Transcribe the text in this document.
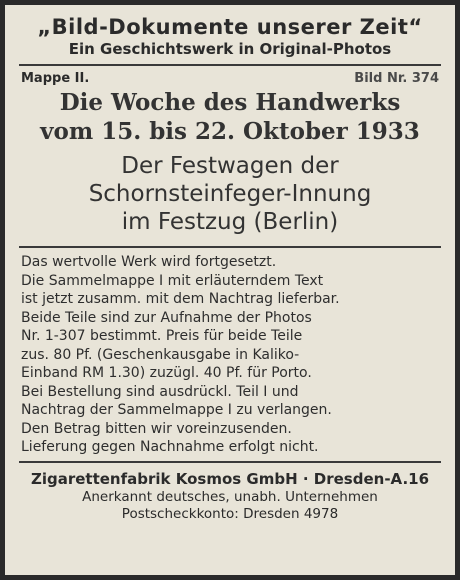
„Bild-Dokumente unserer Zeit“
Ein Geschichtswerk in Original-Photos
Mappe II.	Bild Nr. 374
Die Woche des Handwerks
vom 15. bis 22. Oktober 1933
Der Festwagen der
Schornsteinfeger-Innung
im Festzug (Berlin)
Das wertvolle Werk wird fortgesetzt.
Die Sammelmappe I mit erläuterndem Text
ist jetzt zusamm. mit dem Nachtrag lieferbar.
Beide Teile sind zur Aufnahme der Photos
Nr. 1-307 bestimmt. Preis für beide Teile
zus. 80 Pf. (Geschenkausgabe in Kaliko-
Einband RM 1.30) zuzügl. 40 Pf. für Porto.
Bei Bestellung sind ausdrückl. Teil I und
Nachtrag der Sammelmappe I zu verlangen.
Den Betrag bitten wir voreinzusenden.
Lieferung gegen Nachnahme erfolgt nicht.
Zigarettenfabrik Kosmos GmbH · Dresden-A.16
Anerkannt deutsches, unabh. Unternehmen
Postscheckkonto: Dresden 4978
